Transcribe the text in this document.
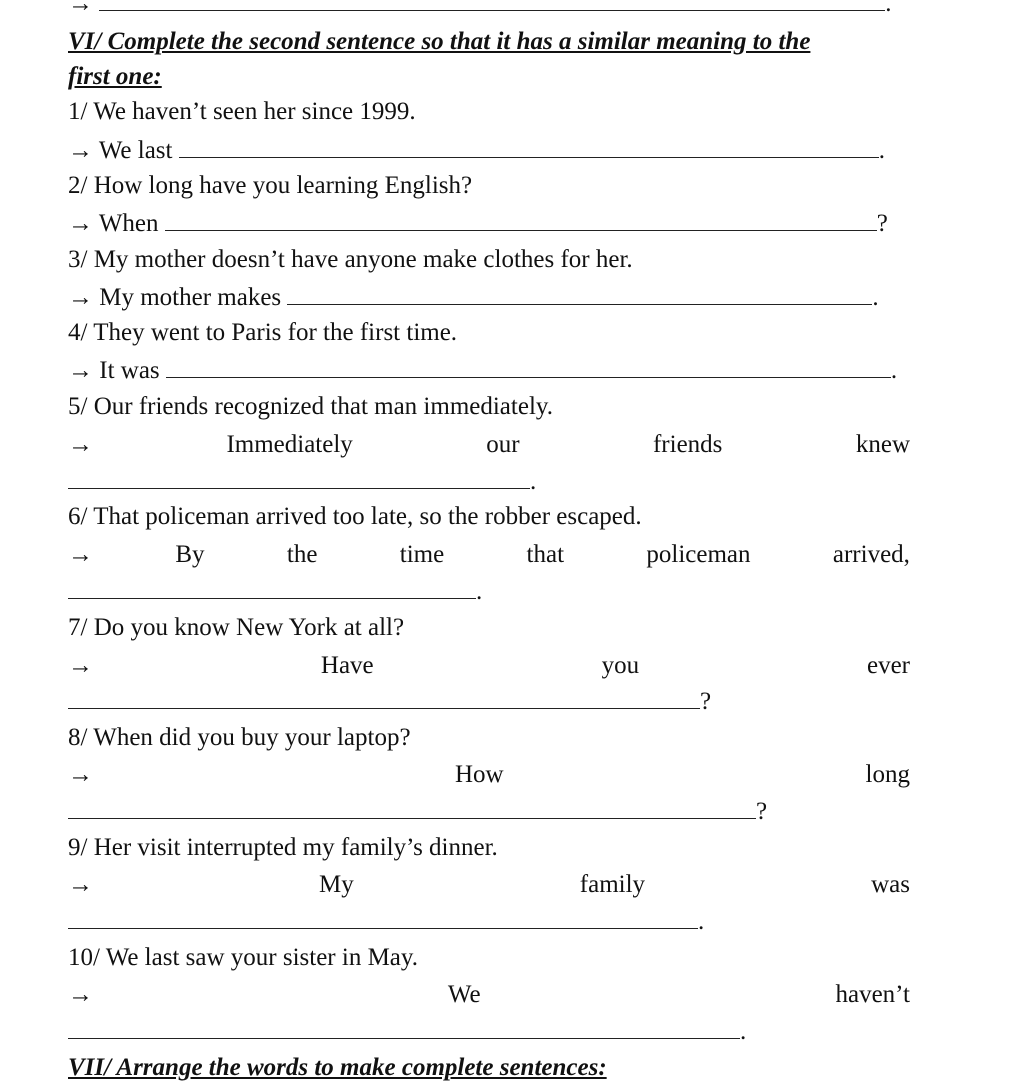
→	.
VI/ Complete the second sentence so that it has a similar meaning to the
first one:
1/ We haven’t seen her since 1999.
→ We last	.
2/ How long have you learning English?
→ When	?
3/ My mother doesn’t have anyone make clothes for her.
→ My mother makes	.
4/ They went to Paris for the first time.
→ It was	.
5/ Our friends recognized that man immediately.
→	Immediately	our	friends	knew
.
6/ That policeman arrived too late, so the robber escaped.
→	By	the	time	that	policeman	arrived,
.
7/ Do you know New York at all?
→	Have	you	ever
?
8/ When did you buy your laptop?
→	How	long
?
9/ Her visit interrupted my family’s dinner.
→	My	family	was
.
10/ We last saw your sister in May.
→	We	haven’t
.
VII/ Arrange the words to make complete sentences:
